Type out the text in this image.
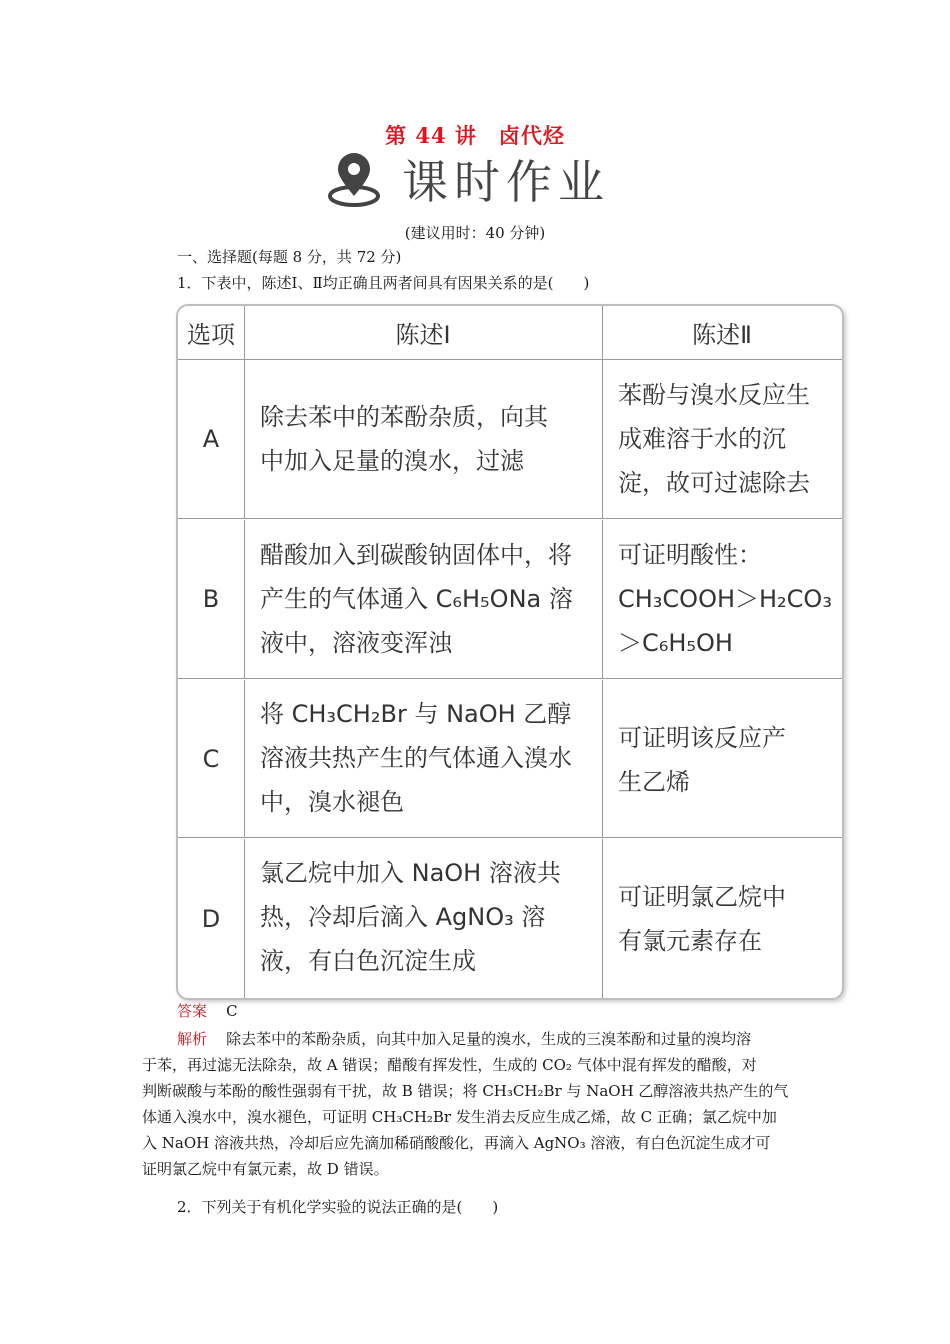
第 44 讲　卤代烃
课时作业
(建议用时：40 分钟)
一、选择题(每题 8 分，共 72 分)
1．下表中，陈述Ⅰ、Ⅱ均正确且两者间具有因果关系的是(　　)
选项	陈述Ⅰ	陈述Ⅱ
A
除去苯中的苯酚杂质，向其
中加入足量的溴水，过滤
苯酚与溴水反应生
成难溶于水的沉
淀，故可过滤除去
B
醋酸加入到碳酸钠固体中，将
产生的气体通入 C₆H₅ONa 溶
液中，溶液变浑浊
可证明酸性：
CH₃COOH＞H₂CO₃
＞C₆H₅OH
C
将 CH₃CH₂Br 与 NaOH 乙醇
溶液共热产生的气体通入溴水
中，溴水褪色
可证明该反应产
生乙烯
D
氯乙烷中加入 NaOH 溶液共
热，冷却后滴入 AgNO₃ 溶
液，有白色沉淀生成
可证明氯乙烷中
有氯元素存在
答案 C
解析 除去苯中的苯酚杂质，向其中加入足量的溴水，生成的三溴苯酚和过量的溴均溶
于苯，再过滤无法除杂，故 A 错误；醋酸有挥发性，生成的 CO₂ 气体中混有挥发的醋酸，对
判断碳酸与苯酚的酸性强弱有干扰，故 B 错误；将 CH₃CH₂Br 与 NaOH 乙醇溶液共热产生的气
体通入溴水中，溴水褪色，可证明 CH₃CH₂Br 发生消去反应生成乙烯，故 C 正确；氯乙烷中加
入 NaOH 溶液共热，冷却后应先滴加稀硝酸酸化，再滴入 AgNO₃ 溶液，有白色沉淀生成才可
证明氯乙烷中有氯元素，故 D 错误。
2．下列关于有机化学实验的说法正确的是(　　)
